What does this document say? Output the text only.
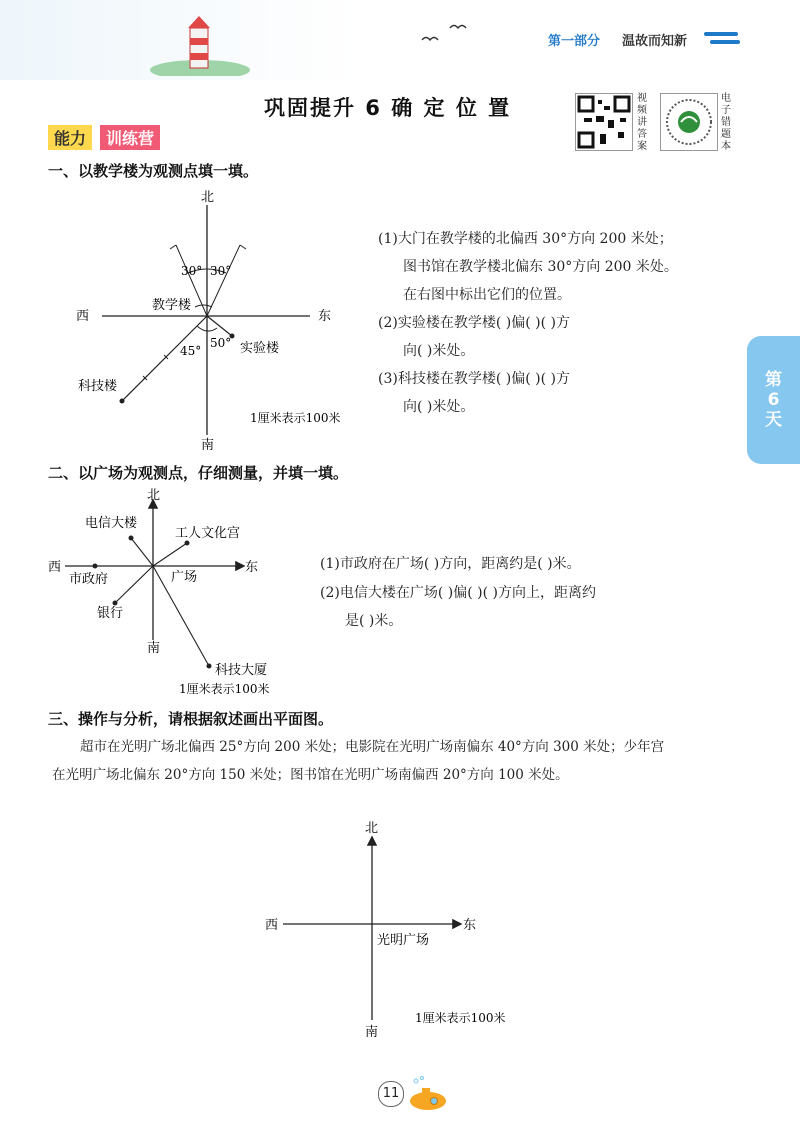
第一部分 温故而知新
巩固提升 6 确 定 位 置	视频讲答案
电子错题本
能力	训练营
第6天
一、以教学楼为观测点填一填。
北
南
东
西
教学楼
30° 30°
50°
45°	实验楼
科技楼
1厘米表示100米
(1)大门在教学楼的北偏西 30°方向 200 米处；
图书馆在教学楼北偏东 30°方向 200 米处。
在右图中标出它们的位置。
(2)实验楼在教学楼( )偏( )( )方
向( )米处。
(3)科技楼在教学楼( )偏( )( )方
向( )米处。
二、以广场为观测点，仔细测量，并填一填。
北
南
东
西
广场
电信大楼
工人文化宫
市政府
银行
科技大厦
1厘米表示100米
(1)市政府在广场( )方向，距离约是( )米。
(2)电信大楼在广场( )偏( )( )方向上，距离约
是( )米。
三、操作与分析，请根据叙述画出平面图。
超市在光明广场北偏西 25°方向 200 米处；电影院在光明广场南偏东 40°方向 300 米处；少年宫
在光明广场北偏东 20°方向 150 米处；图书馆在光明广场南偏西 20°方向 100 米处。
北
南
东
西
光明广场
1厘米表示100米
11
